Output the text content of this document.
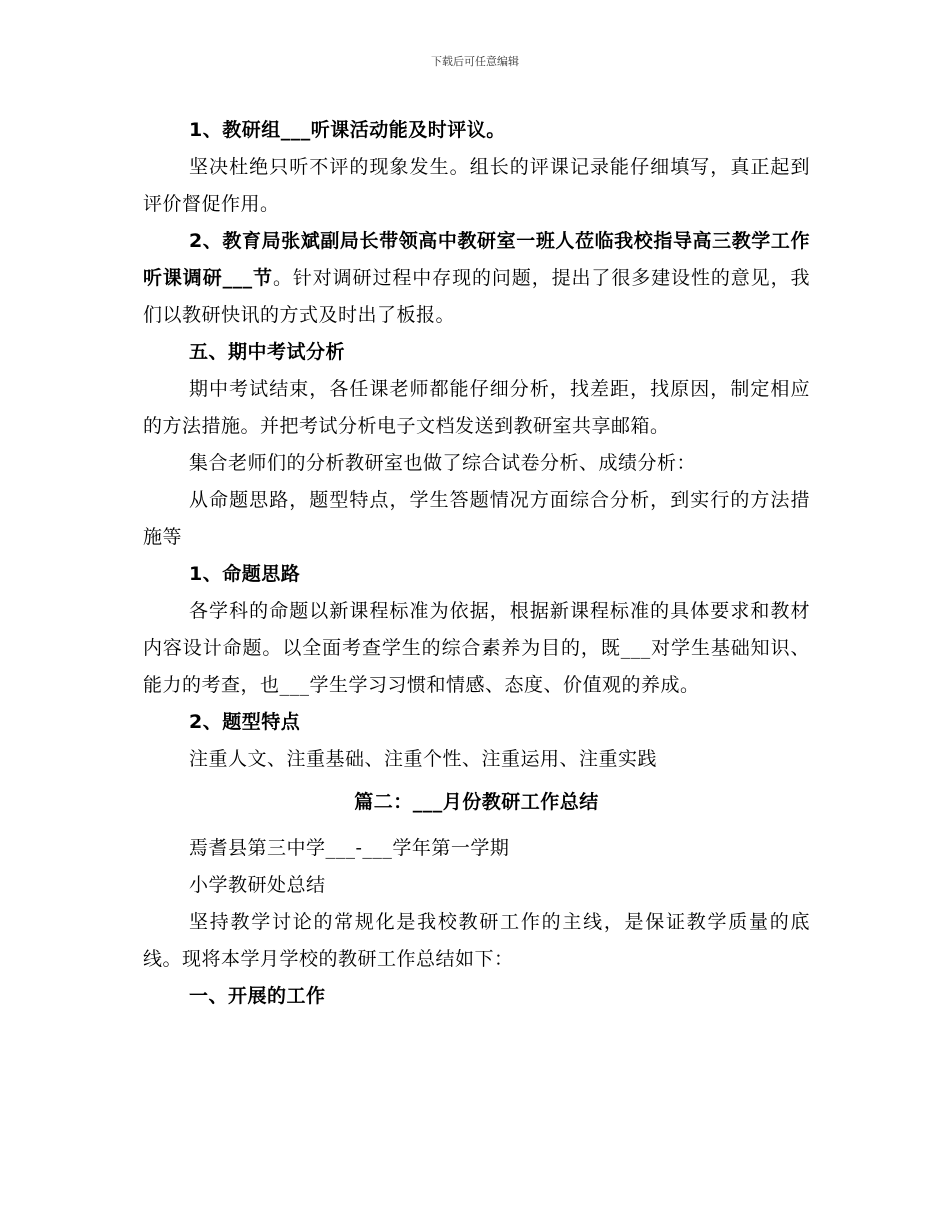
下载后可任意编辑

1、教研组___听课活动能及时评议。

坚决杜绝只听不评的现象发生。组长的评课记录能仔细填写，真正起到评价督促作用。

2、教育局张斌副局长带领高中教研室一班人莅临我校指导高三教学工作听课调研___节。针对调研过程中存现的问题，提出了很多建设性的意见，我们以教研快讯的方式及时出了板报。

五、期中考试分析

期中考试结束，各任课老师都能仔细分析，找差距，找原因，制定相应的方法措施。并把考试分析电子文档发送到教研室共享邮箱。

集合老师们的分析教研室也做了综合试卷分析、成绩分析：

从命题思路，题型特点，学生答题情况方面综合分析，到实行的方法措施等

1、命题思路

各学科的命题以新课程标准为依据，根据新课程标准的具体要求和教材内容设计命题。以全面考查学生的综合素养为目的，既___对学生基础知识、能力的考查，也___学生学习习惯和情感、态度、价值观的养成。

2、题型特点

注重人文、注重基础、注重个性、注重运用、注重实践

篇二：___月份教研工作总结

焉耆县第三中学___-___学年第一学期

小学教研处总结

坚持教学讨论的常规化是我校教研工作的主线，是保证教学质量的底线。现将本学月学校的教研工作总结如下：

一、开展的工作
